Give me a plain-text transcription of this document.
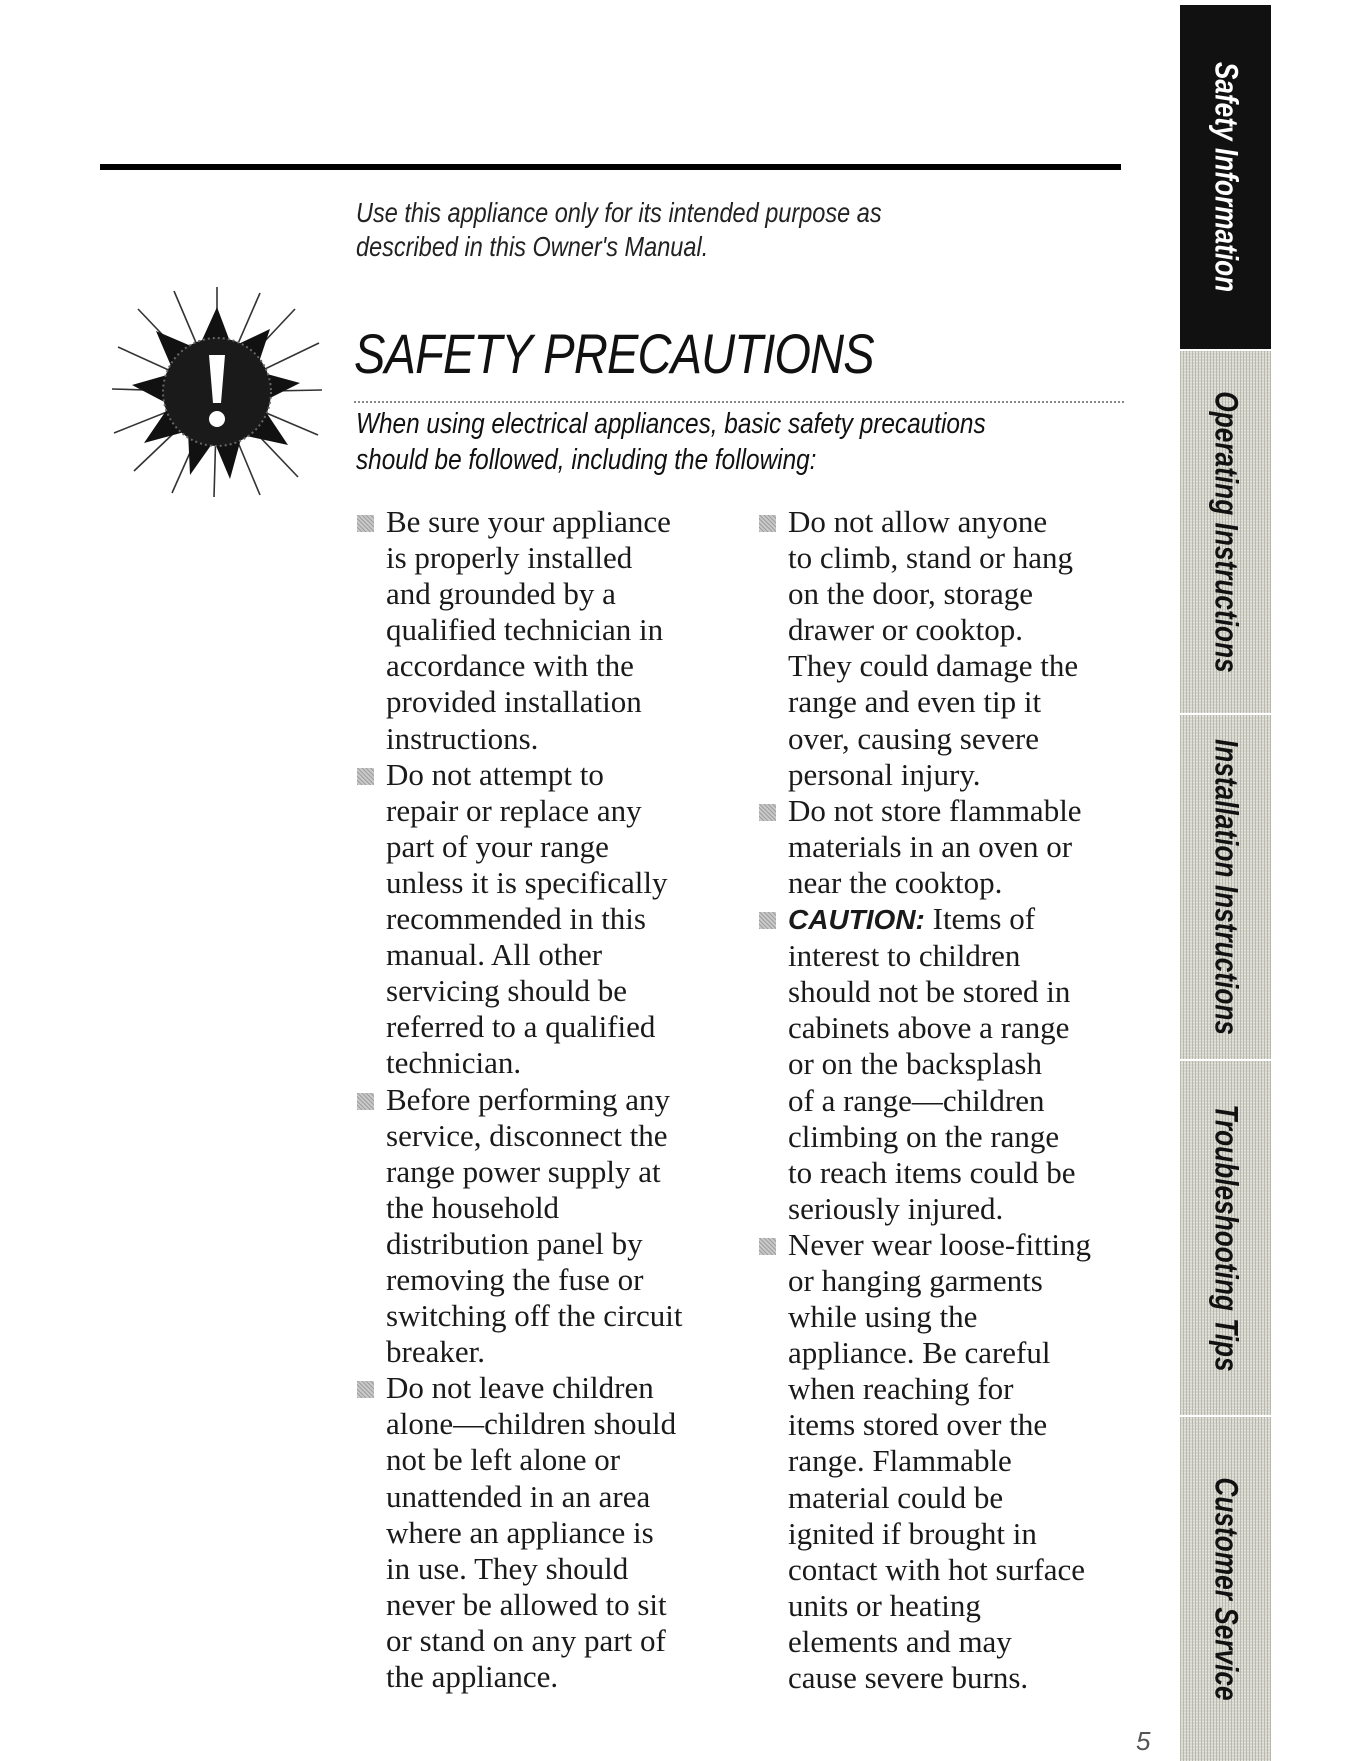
Use this appliance only for its intended purpose as
described in this Owner's Manual.
SAFETY PRECAUTIONS
When using electrical appliances, basic safety precautions
should be followed, including the following:
Be sure your appliance
is properly installed
and grounded by a
qualified technician in
accordance with the
provided installation
instructions.
Do not attempt to
repair or replace any
part of your range
unless it is specifically
recommended in this
manual. All other
servicing should be
referred to a qualified
technician.
Before performing any
service, disconnect the
range power supply at
the household
distribution panel by
removing the fuse or
switching off the circuit
breaker.
Do not leave children
alone—children should
not be left alone or
unattended in an area
where an appliance is
in use. They should
never be allowed to sit
or stand on any part of
the appliance.
Do not allow anyone
to climb, stand or hang
on the door, storage
drawer or cooktop.
They could damage the
range and even tip it
over, causing severe
personal injury.
Do not store flammable
materials in an oven or
near the cooktop.
CAUTION: Items of
interest to children
should not be stored in
cabinets above a range
or on the backsplash
of a range—children
climbing on the range
to reach items could be
seriously injured.
Never wear loose-fitting
or hanging garments
while using the
appliance. Be careful
when reaching for
items stored over the
range. Flammable
material could be
ignited if brought in
contact with hot surface
units or heating
elements and may
cause severe burns.
5
Safety Information
Operating Instructions
Installation Instructions
Troubleshooting Tips
Customer Service
